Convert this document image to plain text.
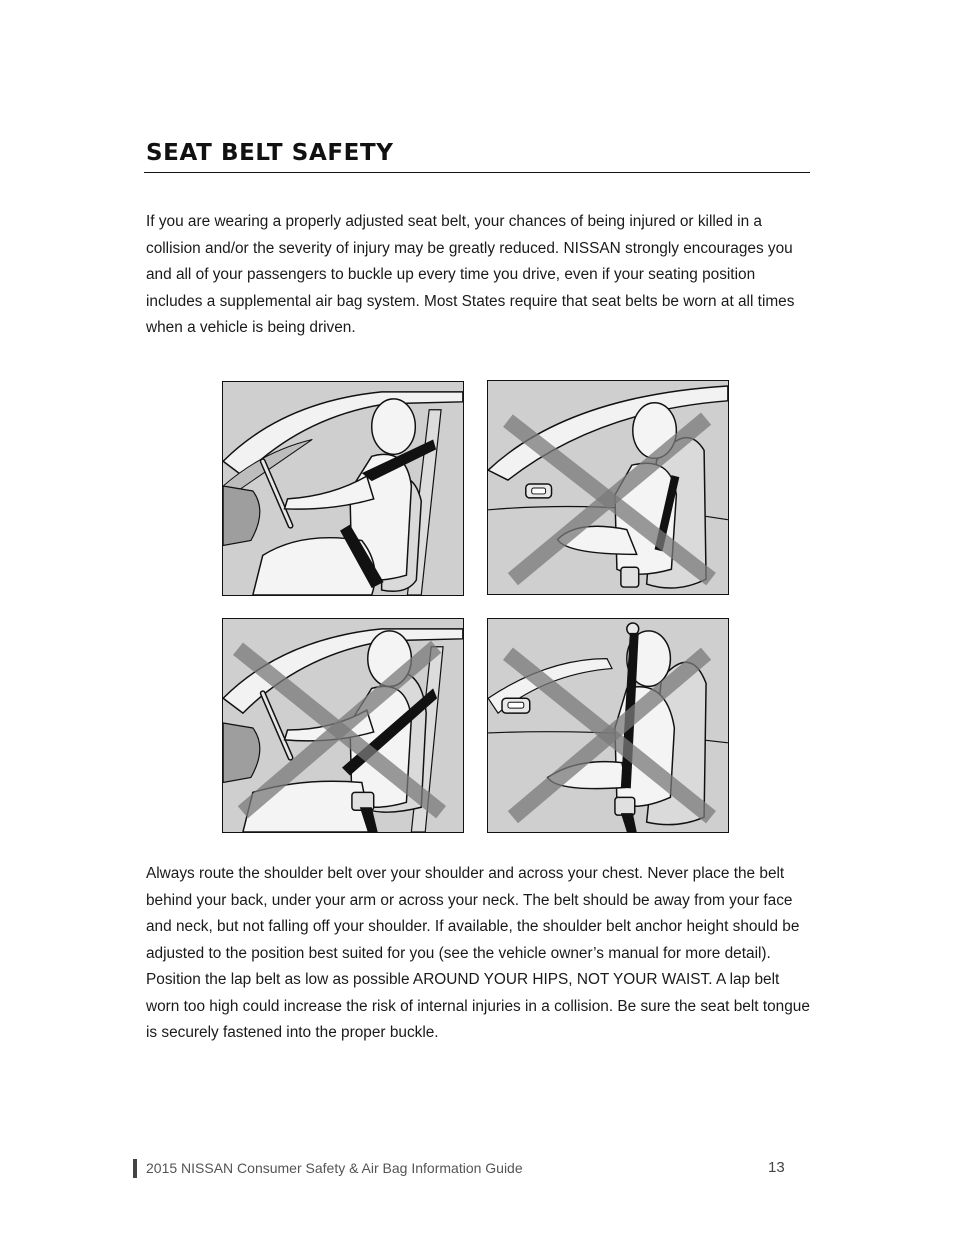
SEAT BELT SAFETY

If you are wearing a properly adjusted seat belt, your chances of being injured or killed in a collision and/or the severity of injury may be greatly reduced. NISSAN strongly encourages you and all of your passengers to buckle up every time you drive, even if your seating position includes a supplemental air bag system. Most States require that seat belts be worn at all times when a vehicle is being driven.

Always route the shoulder belt over your shoulder and across your chest. Never place the belt behind your back, under your arm or across your neck. The belt should be away from your face and neck, but not falling off your shoulder. If available, the shoulder belt anchor height should be adjusted to the position best suited for you (see the vehicle owner’s manual for more detail). Position the lap belt as low as possible AROUND YOUR HIPS, NOT YOUR WAIST. A lap belt worn too high could increase the risk of internal injuries in a collision. Be sure the seat belt tongue is securely fastened into the proper buckle.

2015 NISSAN Consumer Safety & Air Bag Information Guide	13
